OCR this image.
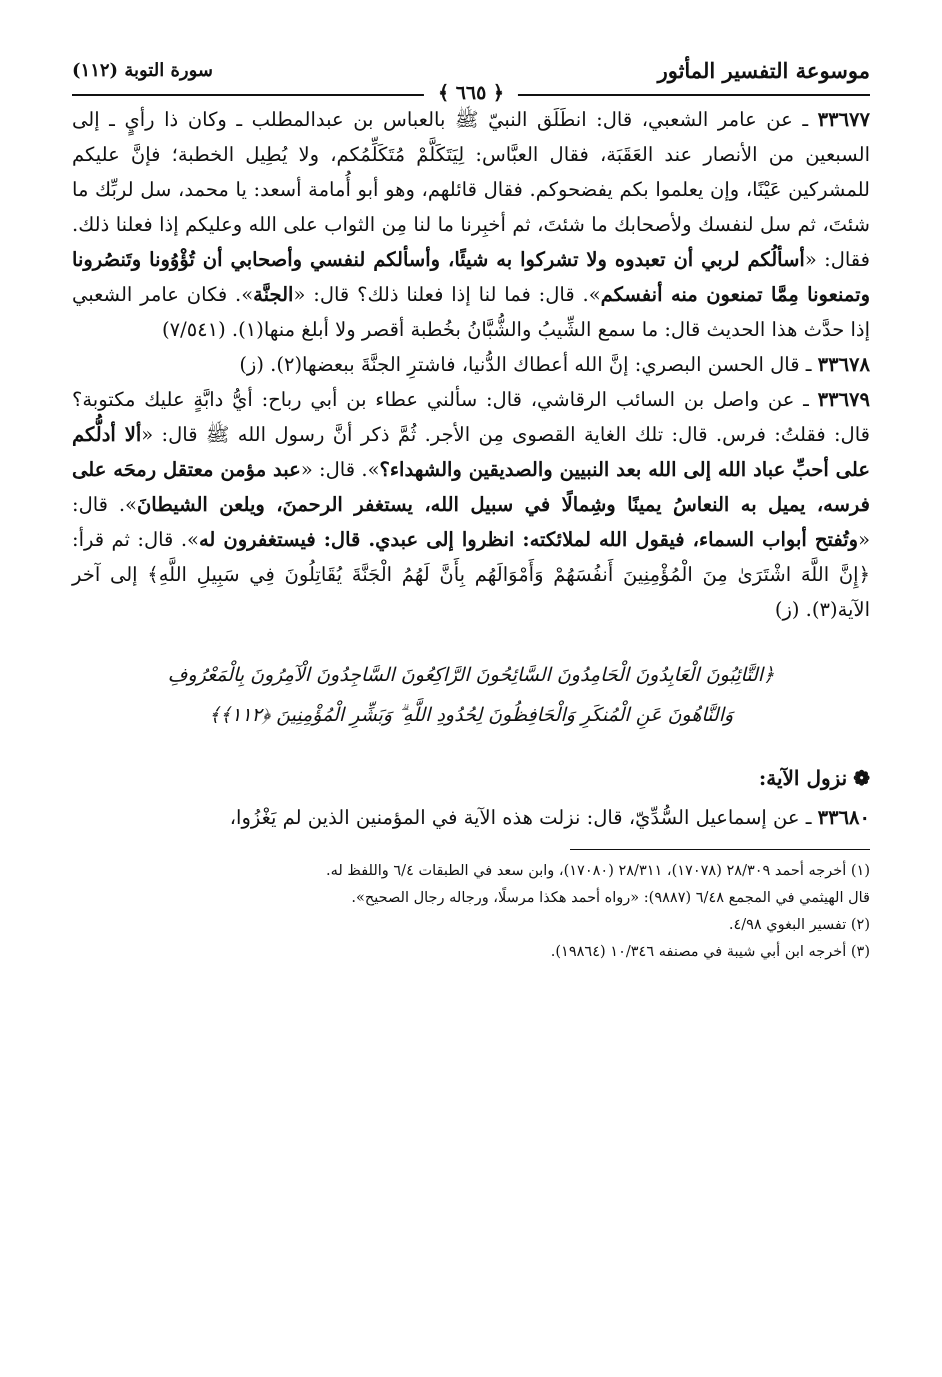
موسوعة التفسير المأثور
سورة التوبة (١١٢)
﴿ ٦٦٥ ﴾

٣٣٦٧٧ ـ عن عامر الشعبي، قال: انطَلَق النبيّ ﷺ بالعباس بن عبدالمطلب ـ وكان ذا رأيٍ ـ إلى السبعين من الأنصار عند العَقَبَة، فقال العبَّاس: لِيَتَكَلَّمْ مُتَكَلِّمُكم، ولا يُطِيل الخطبة؛ فإنَّ عليكم للمشركين عَيْنًا، وإن يعلموا بكم يفضحوكم. فقال قائلهم، وهو أبو أُمامة أسعد: يا محمد، سل لربِّك ما شئتَ، ثم سل لنفسك ولأصحابك ما شئتَ، ثم أخبِرنا ما لنا مِن الثواب على الله وعليكم إذا فعلنا ذلك. فقال: «أسألُكم لربي أن تعبدوه ولا تشركوا به شيئًا، وأسألكم لنفسي وأصحابي أن تُؤْوُونا وتَنصُرونا وتمنعونا مِمَّا تمنعون منه أنفسكم». قال: فما لنا إذا فعلنا ذلك؟ قال: «الجنَّة». فكان عامر الشعبي إذا حدَّث هذا الحديث قال: ما سمع الشِّيبُ والشُّبَّانُ بخُطبة أقصر ولا أبلغ منها(١). (٧/٥٤١)

٣٣٦٧٨ ـ قال الحسن البصري: إنَّ الله أعطاك الدُّنيا، فاشترِ الجنَّةَ ببعضها(٢). (ز)

٣٣٦٧٩ ـ عن واصل بن السائب الرقاشي، قال: سألني عطاء بن أبي رباح: أيُّ دابَّةٍ عليك مكتوبة؟ قال: فقلتُ: فرس. قال: تلك الغاية القصوى مِن الأجر. ثُمَّ ذكر أنَّ رسول الله ﷺ قال: «ألا أدلُّكم على أحبِّ عباد الله إلى الله بعد النبيين والصديقين والشهداء؟». قال: «عبد مؤمن معتقل رمحَه على فرسه، يميل به النعاسُ يمينًا وشِمالًا في سبيل الله، يستغفر الرحمنَ، ويلعن الشيطانَ». قال: «وتُفتح أبواب السماء، فيقول الله لملائكته: انظروا إلى عبدي. قال: فيستغفرون له». قال: ثم قرأ: ﴿إِنَّ اللَّهَ اشْتَرَىٰ مِنَ الْمُؤْمِنِينَ أَنفُسَهُمْ وَأَمْوَالَهُم بِأَنَّ لَهُمُ الْجَنَّةَ يُقَاتِلُونَ فِي سَبِيلِ اللَّهِ﴾ إلى آخر الآية(٣). (ز)

﴿التَّائِبُونَ الْعَابِدُونَ الْحَامِدُونَ السَّائِحُونَ الرَّاكِعُونَ السَّاجِدُونَ الْآمِرُونَ بِالْمَعْرُوفِ
وَالنَّاهُونَ عَنِ الْمُنكَرِ وَالْحَافِظُونَ لِحُدُودِ اللَّهِ ۗ وَبَشِّرِ الْمُؤْمِنِينَ ﴿١١٢﴾﴾
❁نزول الآية:

٣٣٦٨٠ ـ عن إسماعيل السُّدِّيّ، قال: نزلت هذه الآية في المؤمنين الذين لم يَغْزُوا،

(١) أخرجه أحمد ٢٨/٣٠٩ (١٧٠٧٨)، ٢٨/٣١١ (١٧٠٨٠)، وابن سعد في الطبقات ٦/٤ واللفظ له.

قال الهيثمي في المجمع ٦/٤٨ (٩٨٨٧): «رواه أحمد هكذا مرسلًا، ورجاله رجال الصحيح».

(٢) تفسير البغوي ٤/٩٨.

(٣) أخرجه ابن أبي شيبة في مصنفه ١٠/٣٤٦ (١٩٨٦٤).
